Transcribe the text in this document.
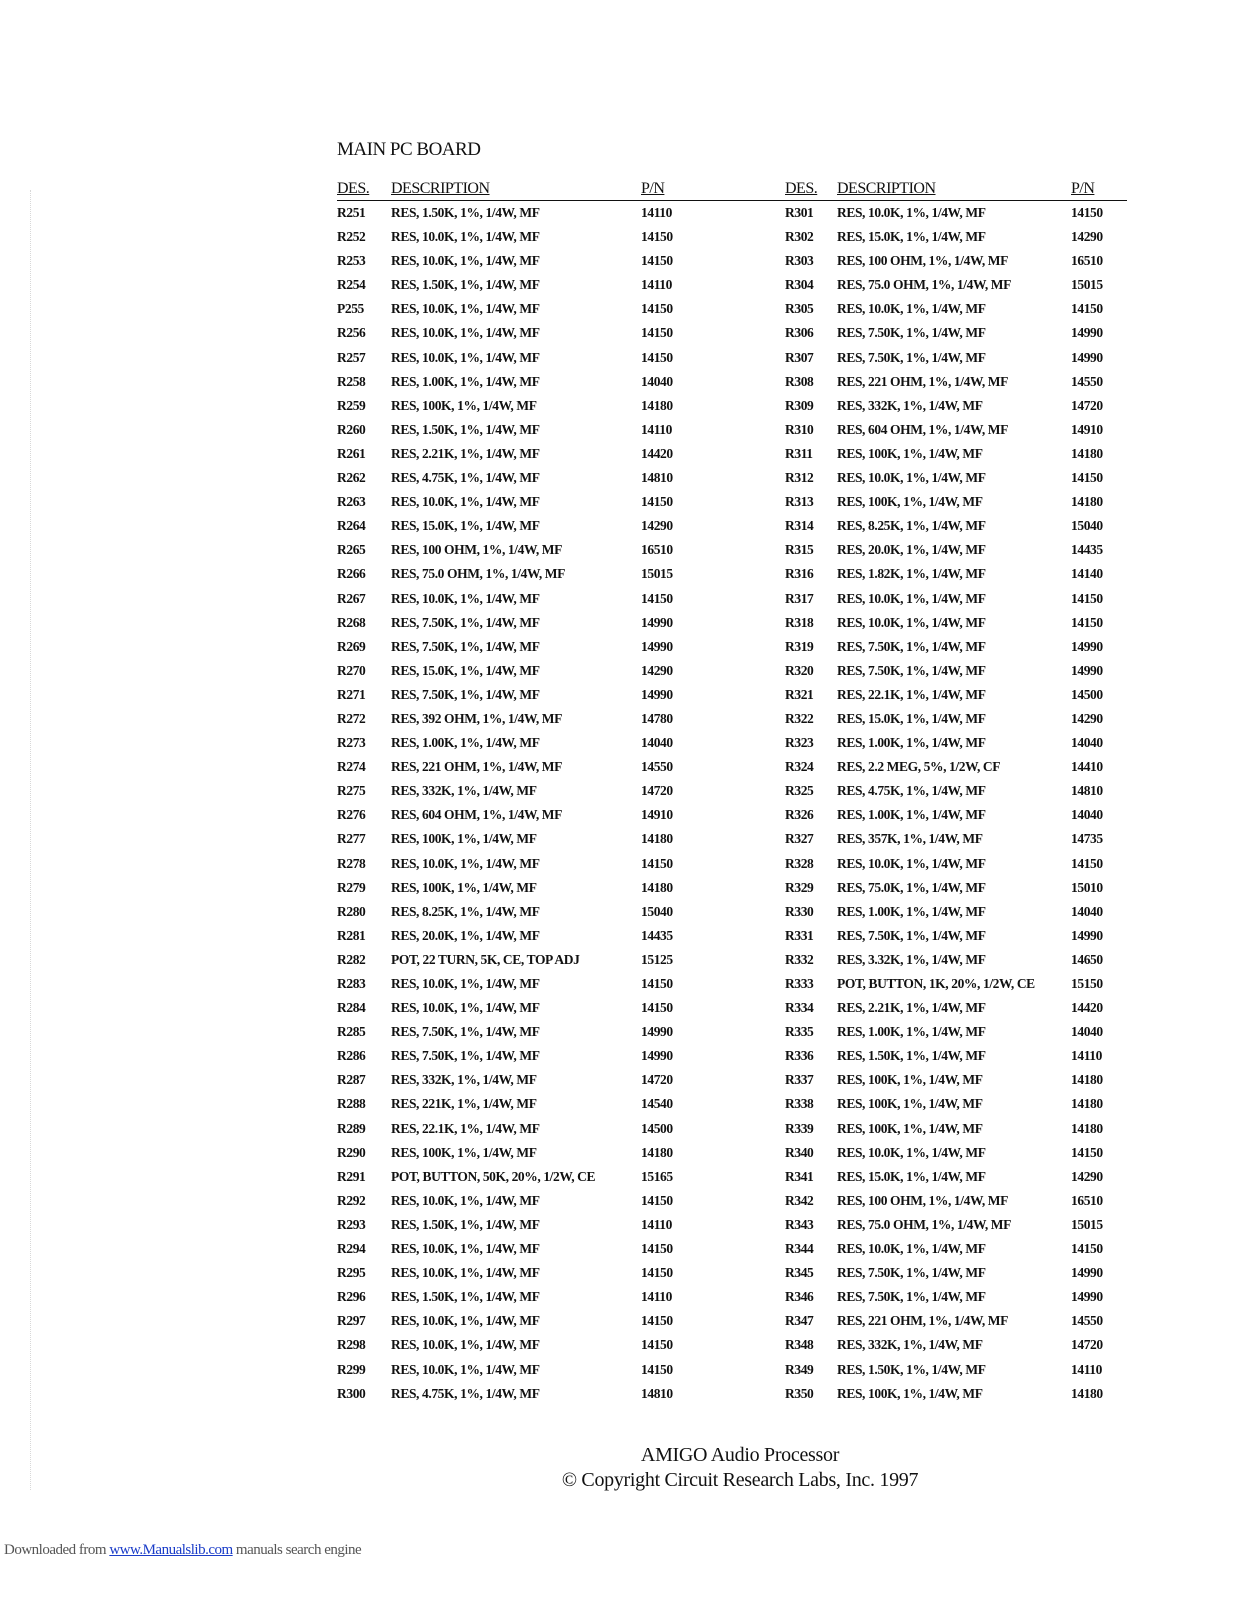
MAIN PC BOARD
DES. DESCRIPTION	P/N	DES. DESCRIPTION	P/N
R251 RES, 1.50K, 1%, 1/4W, MF	14110	R301 RES, 10.0K, 1%, 1/4W, MF	14150
R252 RES, 10.0K, 1%, 1/4W, MF	14150	R302 RES, 15.0K, 1%, 1/4W, MF	14290
R253 RES, 10.0K, 1%, 1/4W, MF	14150	R303 RES, 100 OHM, 1%, 1/4W, MF	16510
R254 RES, 1.50K, 1%, 1/4W, MF	14110	R304 RES, 75.0 OHM, 1%, 1/4W, MF	15015
P255 RES, 10.0K, 1%, 1/4W, MF	14150	R305 RES, 10.0K, 1%, 1/4W, MF	14150
R256 RES, 10.0K, 1%, 1/4W, MF	14150	R306 RES, 7.50K, 1%, 1/4W, MF	14990
R257 RES, 10.0K, 1%, 1/4W, MF	14150	R307 RES, 7.50K, 1%, 1/4W, MF	14990
R258 RES, 1.00K, 1%, 1/4W, MF	14040	R308 RES, 221 OHM, 1%, 1/4W, MF	14550
R259 RES, 100K, 1%, 1/4W, MF	14180	R309 RES, 332K, 1%, 1/4W, MF	14720
R260 RES, 1.50K, 1%, 1/4W, MF	14110	R310 RES, 604 OHM, 1%, 1/4W, MF	14910
R261 RES, 2.21K, 1%, 1/4W, MF	14420	R311 RES, 100K, 1%, 1/4W, MF	14180
R262 RES, 4.75K, 1%, 1/4W, MF	14810	R312 RES, 10.0K, 1%, 1/4W, MF	14150
R263 RES, 10.0K, 1%, 1/4W, MF	14150	R313 RES, 100K, 1%, 1/4W, MF	14180
R264 RES, 15.0K, 1%, 1/4W, MF	14290	R314 RES, 8.25K, 1%, 1/4W, MF	15040
R265 RES, 100 OHM, 1%, 1/4W, MF	16510	R315 RES, 20.0K, 1%, 1/4W, MF	14435
R266 RES, 75.0 OHM, 1%, 1/4W, MF	15015	R316 RES, 1.82K, 1%, 1/4W, MF	14140
R267 RES, 10.0K, 1%, 1/4W, MF	14150	R317 RES, 10.0K, 1%, 1/4W, MF	14150
R268 RES, 7.50K, 1%, 1/4W, MF	14990	R318 RES, 10.0K, 1%, 1/4W, MF	14150
R269 RES, 7.50K, 1%, 1/4W, MF	14990	R319 RES, 7.50K, 1%, 1/4W, MF	14990
R270 RES, 15.0K, 1%, 1/4W, MF	14290	R320 RES, 7.50K, 1%, 1/4W, MF	14990
R271 RES, 7.50K, 1%, 1/4W, MF	14990	R321 RES, 22.1K, 1%, 1/4W, MF	14500
R272 RES, 392 OHM, 1%, 1/4W, MF	14780	R322 RES, 15.0K, 1%, 1/4W, MF	14290
R273 RES, 1.00K, 1%, 1/4W, MF	14040	R323 RES, 1.00K, 1%, 1/4W, MF	14040
R274 RES, 221 OHM, 1%, 1/4W, MF	14550	R324 RES, 2.2 MEG, 5%, 1/2W, CF	14410
R275 RES, 332K, 1%, 1/4W, MF	14720	R325 RES, 4.75K, 1%, 1/4W, MF	14810
R276 RES, 604 OHM, 1%, 1/4W, MF	14910	R326 RES, 1.00K, 1%, 1/4W, MF	14040
R277 RES, 100K, 1%, 1/4W, MF	14180	R327 RES, 357K, 1%, 1/4W, MF	14735
R278 RES, 10.0K, 1%, 1/4W, MF	14150	R328 RES, 10.0K, 1%, 1/4W, MF	14150
R279 RES, 100K, 1%, 1/4W, MF	14180	R329 RES, 75.0K, 1%, 1/4W, MF	15010
R280 RES, 8.25K, 1%, 1/4W, MF	15040	R330 RES, 1.00K, 1%, 1/4W, MF	14040
R281 RES, 20.0K, 1%, 1/4W, MF	14435	R331 RES, 7.50K, 1%, 1/4W, MF	14990
R282 POT, 22 TURN, 5K, CE, TOP ADJ	15125	R332 RES, 3.32K, 1%, 1/4W, MF	14650
R283 RES, 10.0K, 1%, 1/4W, MF	14150	R333 POT, BUTTON, 1K, 20%, 1/2W, CE	15150
R284 RES, 10.0K, 1%, 1/4W, MF	14150	R334 RES, 2.21K, 1%, 1/4W, MF	14420
R285 RES, 7.50K, 1%, 1/4W, MF	14990	R335 RES, 1.00K, 1%, 1/4W, MF	14040
R286 RES, 7.50K, 1%, 1/4W, MF	14990	R336 RES, 1.50K, 1%, 1/4W, MF	14110
R287 RES, 332K, 1%, 1/4W, MF	14720	R337 RES, 100K, 1%, 1/4W, MF	14180
R288 RES, 221K, 1%, 1/4W, MF	14540	R338 RES, 100K, 1%, 1/4W, MF	14180
R289 RES, 22.1K, 1%, 1/4W, MF	14500	R339 RES, 100K, 1%, 1/4W, MF	14180
R290 RES, 100K, 1%, 1/4W, MF	14180	R340 RES, 10.0K, 1%, 1/4W, MF	14150
R291 POT, BUTTON, 50K, 20%, 1/2W, CE	15165	R341 RES, 15.0K, 1%, 1/4W, MF	14290
R292 RES, 10.0K, 1%, 1/4W, MF	14150	R342 RES, 100 OHM, 1%, 1/4W, MF	16510
R293 RES, 1.50K, 1%, 1/4W, MF	14110	R343 RES, 75.0 OHM, 1%, 1/4W, MF	15015
R294 RES, 10.0K, 1%, 1/4W, MF	14150	R344 RES, 10.0K, 1%, 1/4W, MF	14150
R295 RES, 10.0K, 1%, 1/4W, MF	14150	R345 RES, 7.50K, 1%, 1/4W, MF	14990
R296 RES, 1.50K, 1%, 1/4W, MF	14110	R346 RES, 7.50K, 1%, 1/4W, MF	14990
R297 RES, 10.0K, 1%, 1/4W, MF	14150	R347 RES, 221 OHM, 1%, 1/4W, MF	14550
R298 RES, 10.0K, 1%, 1/4W, MF	14150	R348 RES, 332K, 1%, 1/4W, MF	14720
R299 RES, 10.0K, 1%, 1/4W, MF	14150	R349 RES, 1.50K, 1%, 1/4W, MF	14110
R300 RES, 4.75K, 1%, 1/4W, MF	14810	R350 RES, 100K, 1%, 1/4W, MF	14180
AMIGO Audio Processor
© Copyright Circuit Research Labs, Inc. 1997
Downloaded from www.Manualslib.com manuals search engine
